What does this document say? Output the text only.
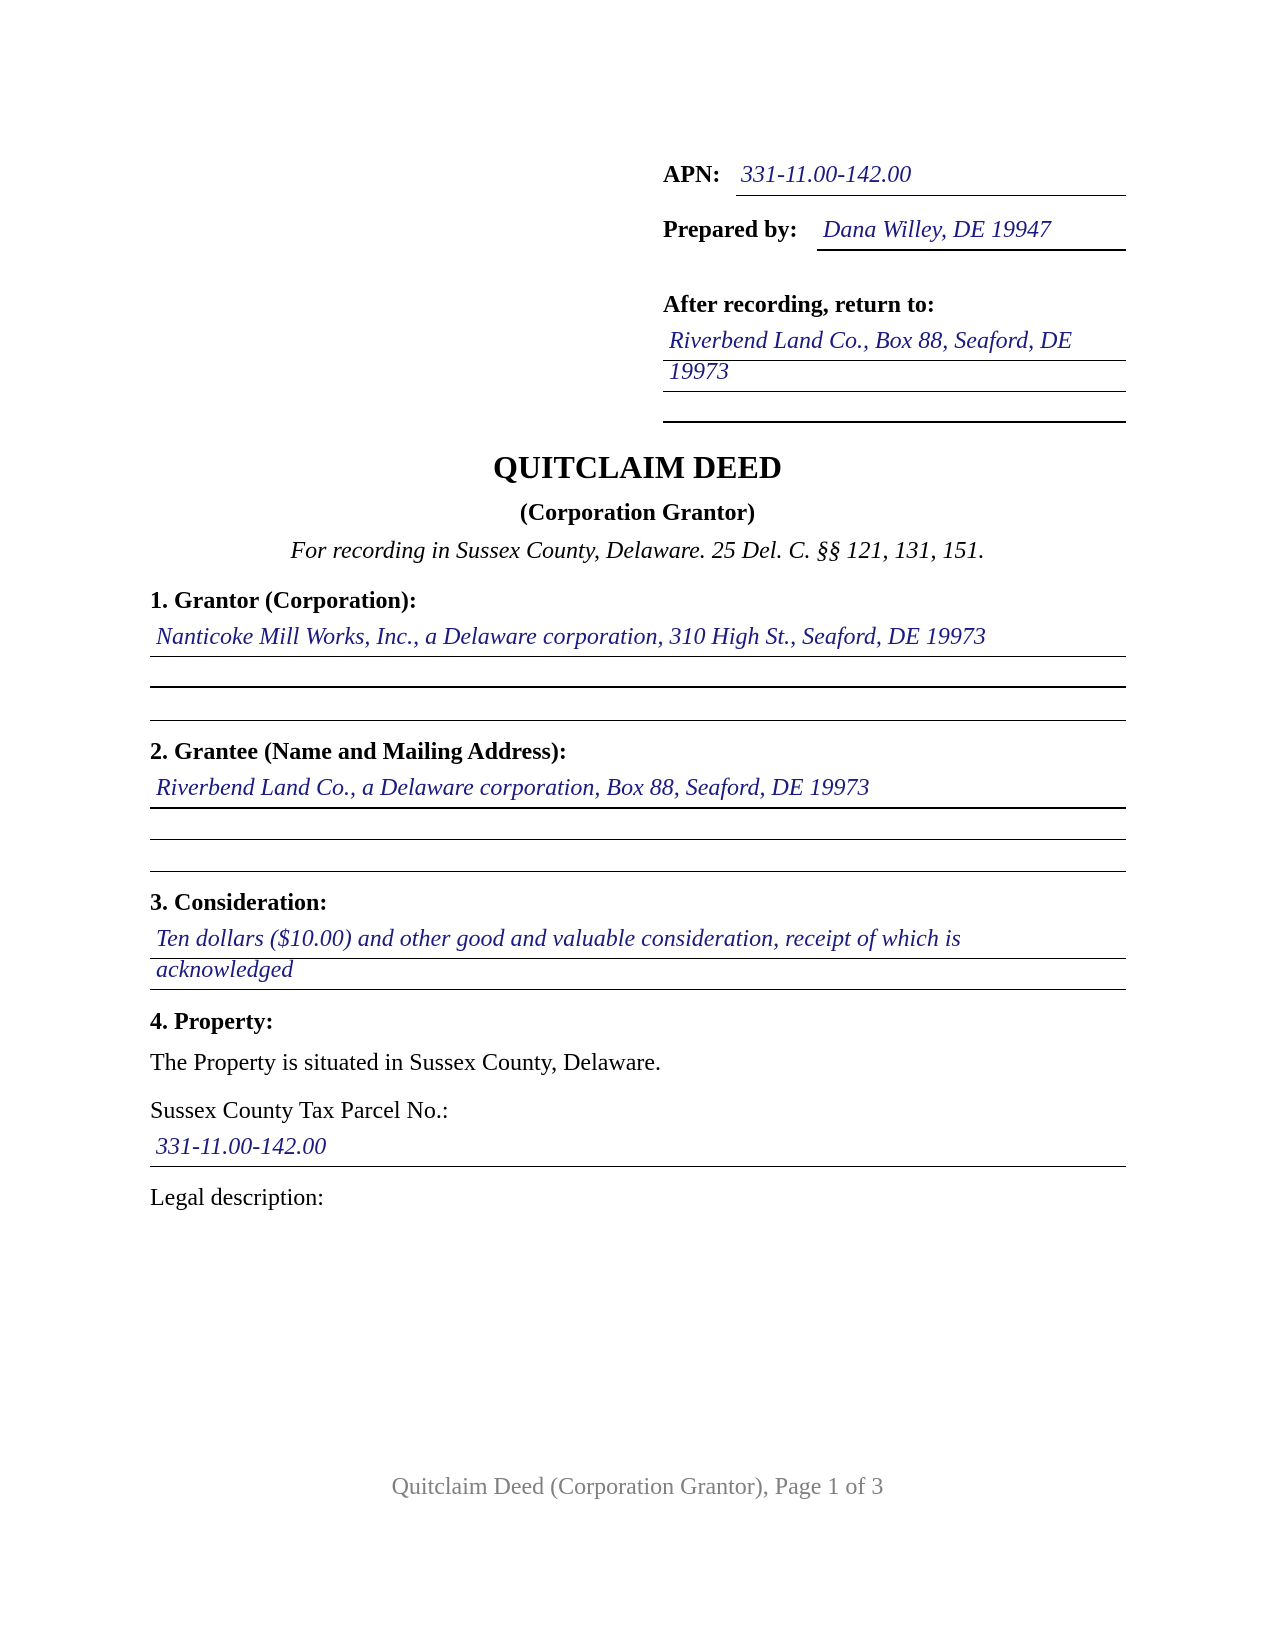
APN: 331-11.00-142.00
Prepared by: Dana Willey, DE 19947
After recording, return to:
Riverbend Land Co., Box 88, Seaford, DE
19973
QUITCLAIM DEED
(Corporation Grantor)
For recording in Sussex County, Delaware. 25 Del. C. §§ 121, 131, 151.
1. Grantor (Corporation):
Nanticoke Mill Works, Inc., a Delaware corporation, 310 High St., Seaford, DE 19973
2. Grantee (Name and Mailing Address):
Riverbend Land Co., a Delaware corporation, Box 88, Seaford, DE 19973
3. Consideration:
Ten dollars ($10.00) and other good and valuable consideration, receipt of which is
acknowledged
4. Property:
The Property is situated in Sussex County, Delaware.
Sussex County Tax Parcel No.:
331-11.00-142.00
Legal description:
Quitclaim Deed (Corporation Grantor), Page 1 of 3
